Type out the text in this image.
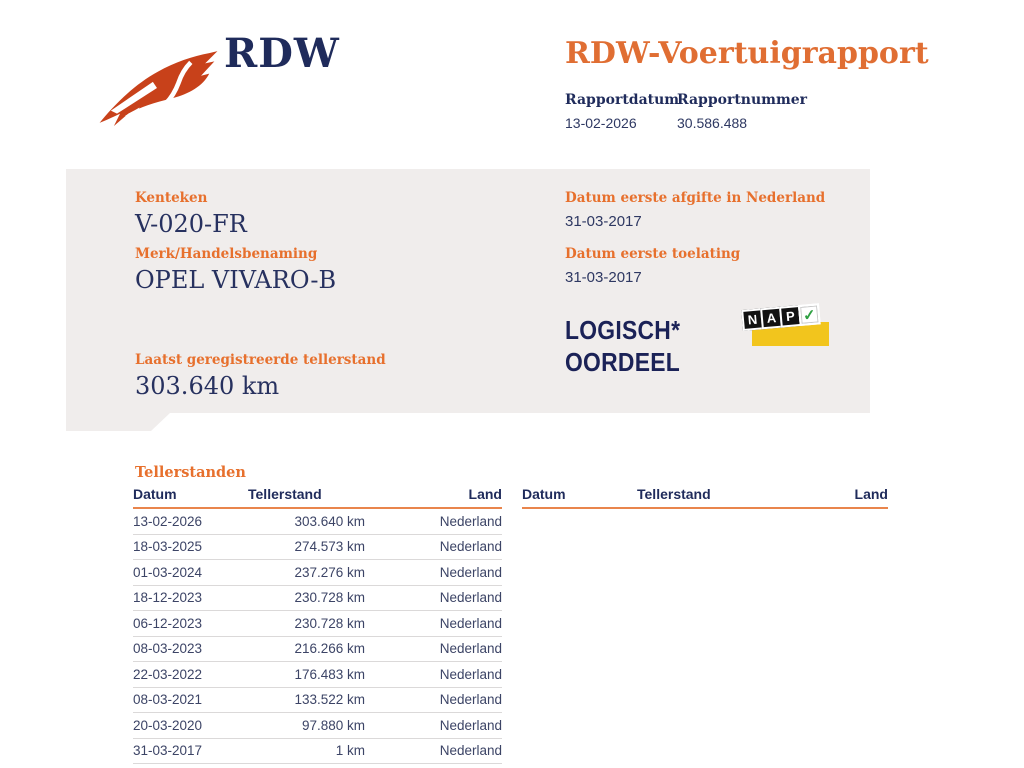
RDW	RDW-Voertuigrapport
Rapportdatum
13-02-2026
Rapportnummer
30.586.488
Kenteken
V-020-FR
Merk/Handelsbenaming
OPEL VIVARO-B
Laatst geregistreerde tellerstand
303.640 km
Datum eerste afgifte in Nederland
31-03-2017
Datum eerste toelating
31-03-2017
LOGISCH*
OORDEEL
N A P ✓
Tellerstanden
Datum	Tellerstand	Land
13-02-2026	303.640 km	Nederland
18-03-2025	274.573 km	Nederland
01-03-2024	237.276 km	Nederland
18-12-2023	230.728 km	Nederland
06-12-2023	230.728 km	Nederland
08-03-2023	216.266 km	Nederland
22-03-2022	176.483 km	Nederland
08-03-2021	133.522 km	Nederland
20-03-2020	97.880 km	Nederland
31-03-2017	1 km	Nederland
Datum	Tellerstand	Land
